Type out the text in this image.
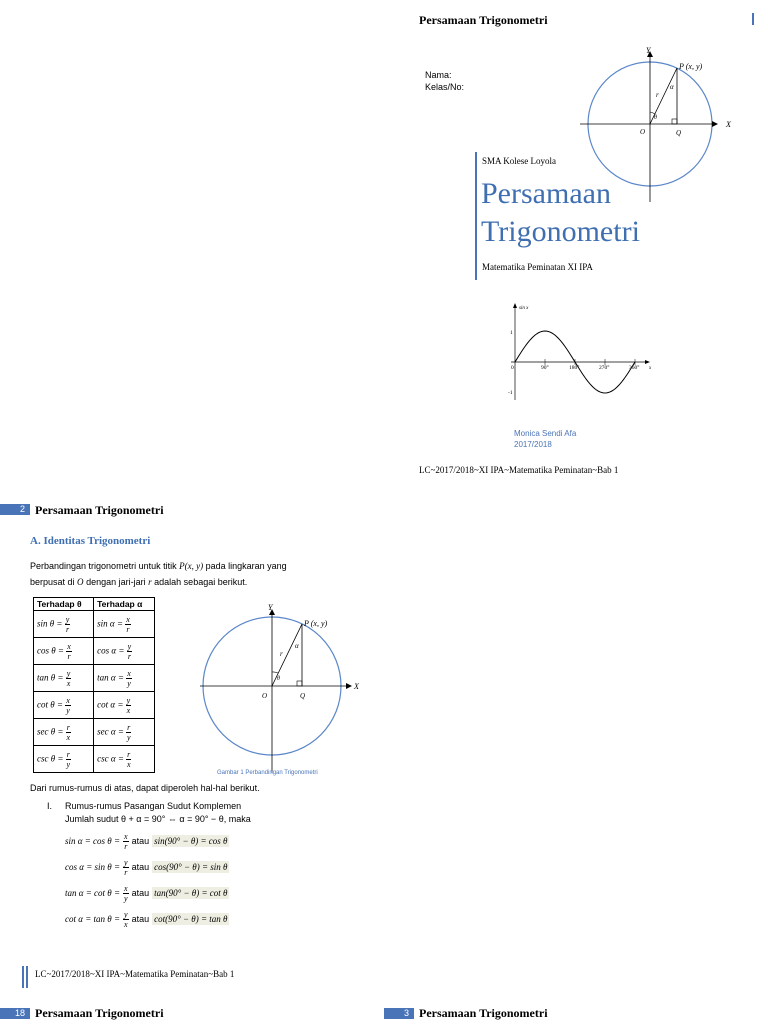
Persamaan Trigonometri
Nama:
Kelas/No:
Y
X
P (x, y)
O	Q
r
α
θ
SMA Kolese Loyola
Persamaan
Trigonometri
Matematika Peminatan XI IPA
sin x
1
-1
0	90°	180°	270°	360° x
Monica Sendi Afa
2017/2018
LC~2017/2018~XI IPA~Matematika Peminatan~Bab 1
2 Persamaan Trigonometri
A. Identitas Trigonometri
Perbandingan trigonometri untuk titik P(x, y) pada lingkaran yang
berpusat di O dengan jari-jari r adalah sebagai berikut.
Terhadap θ	Terhadap α
$\sin \theta = \frac{y}{r}$	$\sin \alpha = \frac{x}{r}$

$\cos \theta = \frac{x}{r}$	$\cos \alpha = \frac{y}{r}$

$\tan \theta = \frac{y}{x}$	$\tan \alpha = \frac{x}{y}$

$\cot \theta = \frac{x}{y}$	$\cot \alpha = \frac{y}{x}$

$\sec \theta = \frac{r}{x}$	$\sec \alpha = \frac{r}{y}$

$\csc \theta = \frac{r}{y}$	$\csc \alpha = \frac{r}{x}$
Y
X
P (x, y)
O	Q
r
α
θ
Gambar 1 Perbandingan Trigonometri
Dari rumus-rumus di atas, dapat diperoleh hal-hal berikut.
I. Rumus-rumus Pasangan Sudut Komplemen
Jumlah sudut θ + α = 90° ⇔ α = 90° − θ, maka
$\sin \alpha = \cos \theta = \frac{x}{r}$ atau sin(90° − θ) = cos θ
$\cos \alpha = \sin \theta = \frac{y}{r}$ atau cos(90° − θ) = sin θ
$\tan \alpha = \cot \theta = \frac{x}{y}$ atau tan(90° − θ) = cot θ
$\cot \alpha = \tan \theta = \frac{y}{x}$ atau cot(90° − θ) = tan θ
LC~2017/2018~XI IPA~Matematika Peminatan~Bab 1
18 Persamaan Trigonometri	3 Persamaan Trigonometri
